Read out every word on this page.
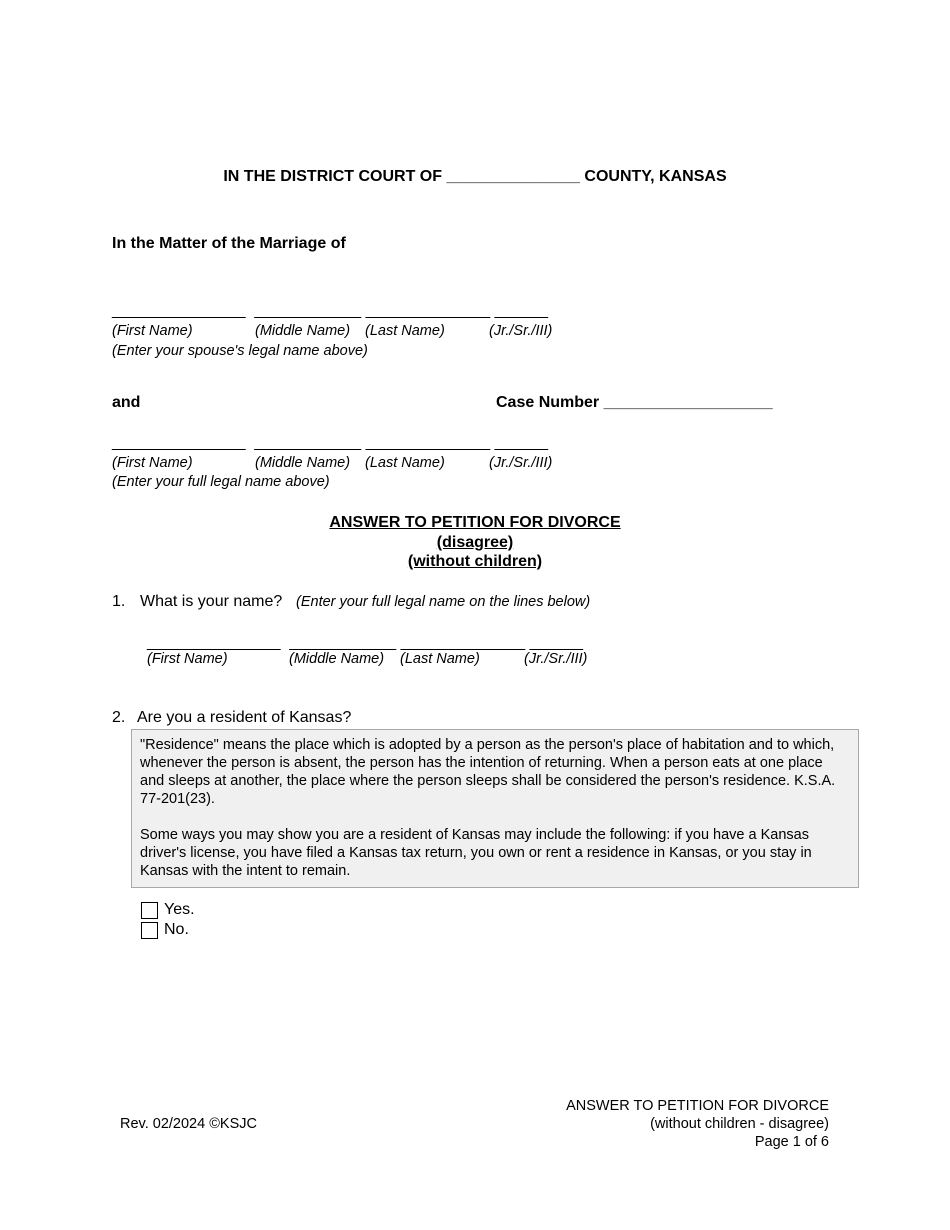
IN THE DISTRICT COURT OF _______________ COUNTY, KANSAS
In the Matter of the Marriage of
_______________  ____________ ______________ ______
(First Name)	(Middle Name) (Last Name)	(Jr./Sr./III)
(Enter your spouse's legal name above)
and	Case Number ___________________
_______________  ____________ ______________ ______
(First Name)	(Middle Name) (Last Name)	(Jr./Sr./III)
(Enter your full legal name above)
ANSWER TO PETITION FOR DIVORCE
(disagree)
(without children)
1. What is your name? (Enter your full legal name on the lines below)
_______________  ____________ ______________ ______
(First Name)	(Middle Name) (Last Name)	(Jr./Sr./III)
2. Are you a resident of Kansas?

"Residence" means the place which is adopted by a person as the person's place of habitation and to which, whenever the person is absent, the person has the intention of returning. When a person eats at one place and sleeps at another, the place where the person sleeps shall be considered the person's residence. K.S.A. 77-201(23).

Some ways you may show you are a resident of Kansas may include the following: if you have a Kansas driver's license, you have filed a Kansas tax return, you own or rent a residence in Kansas, or you stay in Kansas with the intent to remain.

Yes.
No.
Rev. 02/2024 ©KSJC
ANSWER TO PETITION FOR DIVORCE
(without children - disagree)
Page 1 of 6
